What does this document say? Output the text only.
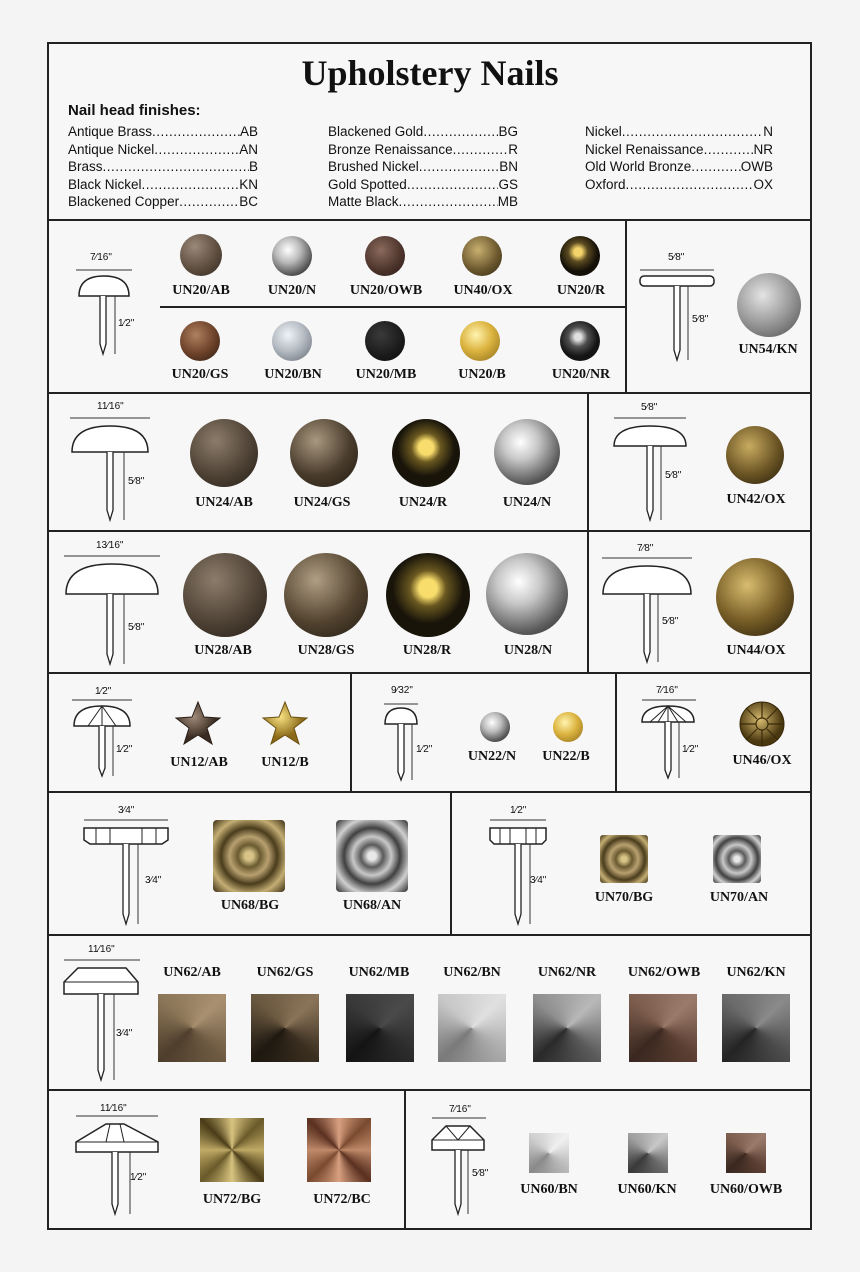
Upholstery Nails
Nail head finishes:
Antique Brass .....	AB
Antique Nickel .....	AN
Brass .....	B
Black Nickel .....	KN
Blackened Copper .....	BC
Blackened Gold .....	BG
Bronze Renaissance .....	R
Brushed Nickel .....	BN
Gold Spotted .....	GS
Matte Black .....	MB
Nickel .....	N
Nickel Renaissance .....	NR
Old World Bronze .....	OWB
Oxford .....	OX
7⁄16"
1⁄2"
5⁄8"
5⁄8"
11⁄16"
5⁄8"
5⁄8"
5⁄8"
13⁄16"
5⁄8"
7⁄8"
5⁄8"
1⁄2"
1⁄2"
9⁄32"
1⁄2"
7⁄16"
1⁄2"
3⁄4"
3⁄4"
1⁄2"
3⁄4"
11⁄16"
3⁄4"
11⁄16"
1⁄2"
7⁄16"
5⁄8"
UN20/AB	UN20/N UN20/OWB UN40/OX	UN20/R
UN20/GS	UN20/BN UN20/MB	UN20/B	UN20/NR
UN54/KN
UN24/AB	UN24/GS	UN24/R	UN24/N	UN42/OX
UN28/AB	UN28/GS	UN28/R	UN28/N	UN44/OX
UN12/AB UN12/B	UN22/N UN22/B	UN46/OX
UN68/BG	UN68/AN
UN70/BG	UN70/AN
UN62/AB	UN62/GS	UN62/MB UN62/BN	UN62/NR UN62/OWB UN62/KN
UN72/BG	UN72/BC
UN60/BN	UN60/KN UN60/OWB
